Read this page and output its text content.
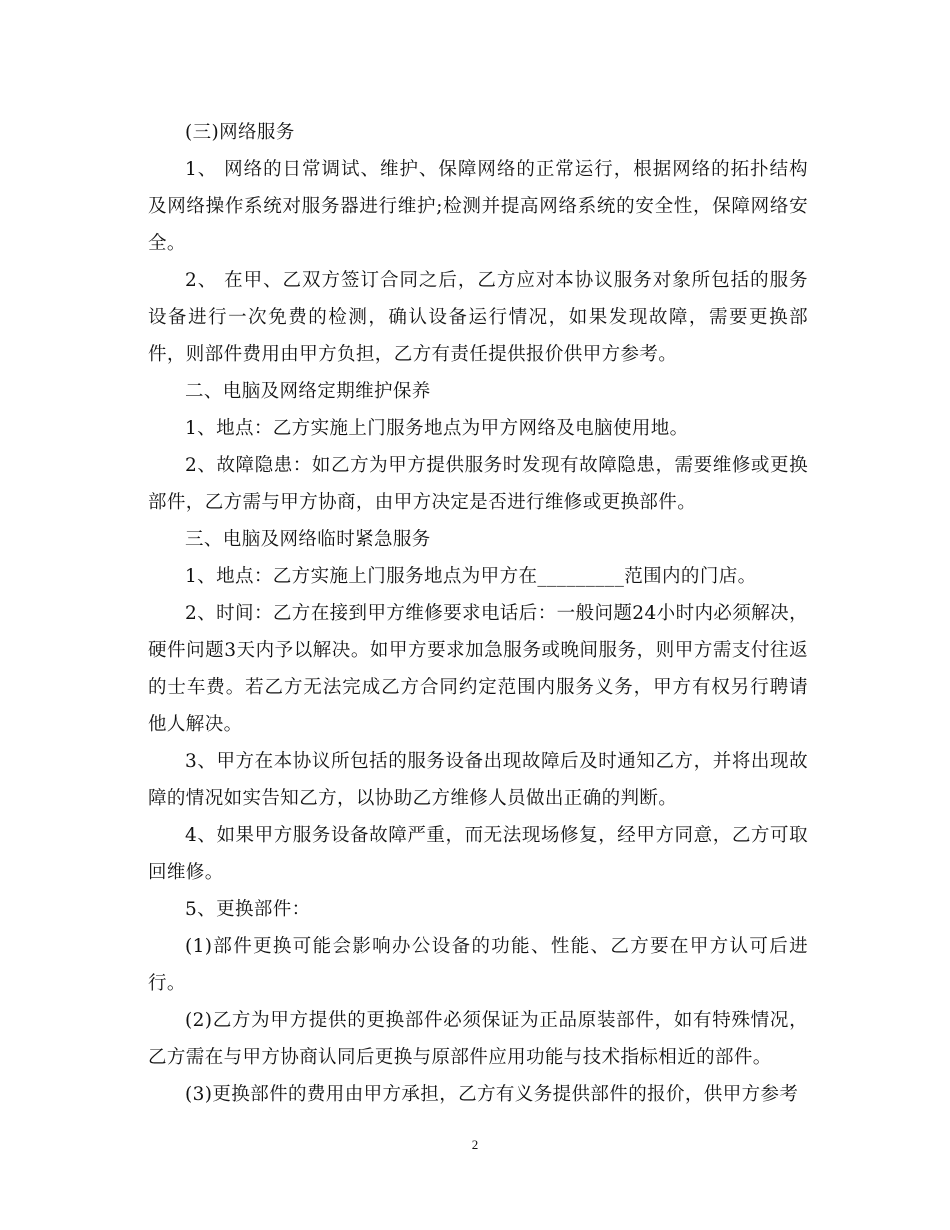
(三)网络服务

1、 网络的日常调试、维护、保障网络的正常运行，根据网络的拓扑结构及网络操作系统对服务器进行维护;检测并提高网络系统的安全性，保障网络安全。

2、 在甲、乙双方签订合同之后，乙方应对本协议服务对象所包括的服务设备进行一次免费的检测，确认设备运行情况，如果发现故障，需要更换部件，则部件费用由甲方负担，乙方有责任提供报价供甲方参考。

二、电脑及网络定期维护保养

1、地点：乙方实施上门服务地点为甲方网络及电脑使用地。

2、故障隐患：如乙方为甲方提供服务时发现有故障隐患，需要维修或更换部件，乙方需与甲方协商，由甲方决定是否进行维修或更换部件。

三、电脑及网络临时紧急服务

1、地点：乙方实施上门服务地点为甲方在_________范围内的门店。

2、时间：乙方在接到甲方维修要求电话后：一般问题24小时内必须解决，硬件问题3天内予以解决。如甲方要求加急服务或晚间服务，则甲方需支付往返的士车费。若乙方无法完成乙方合同约定范围内服务义务，甲方有权另行聘请他人解决。

3、甲方在本协议所包括的服务设备出现故障后及时通知乙方，并将出现故障的情况如实告知乙方，以协助乙方维修人员做出正确的判断。

4、如果甲方服务设备故障严重，而无法现场修复，经甲方同意，乙方可取回维修。

5、更换部件：

(1)部件更换可能会影响办公设备的功能、性能、乙方要在甲方认可后进行。

(2)乙方为甲方提供的更换部件必须保证为正品原装部件，如有特殊情况，乙方需在与甲方协商认同后更换与原部件应用功能与技术指标相近的部件。

(3)更换部件的费用由甲方承担，乙方有义务提供部件的报价，供甲方参考

2
